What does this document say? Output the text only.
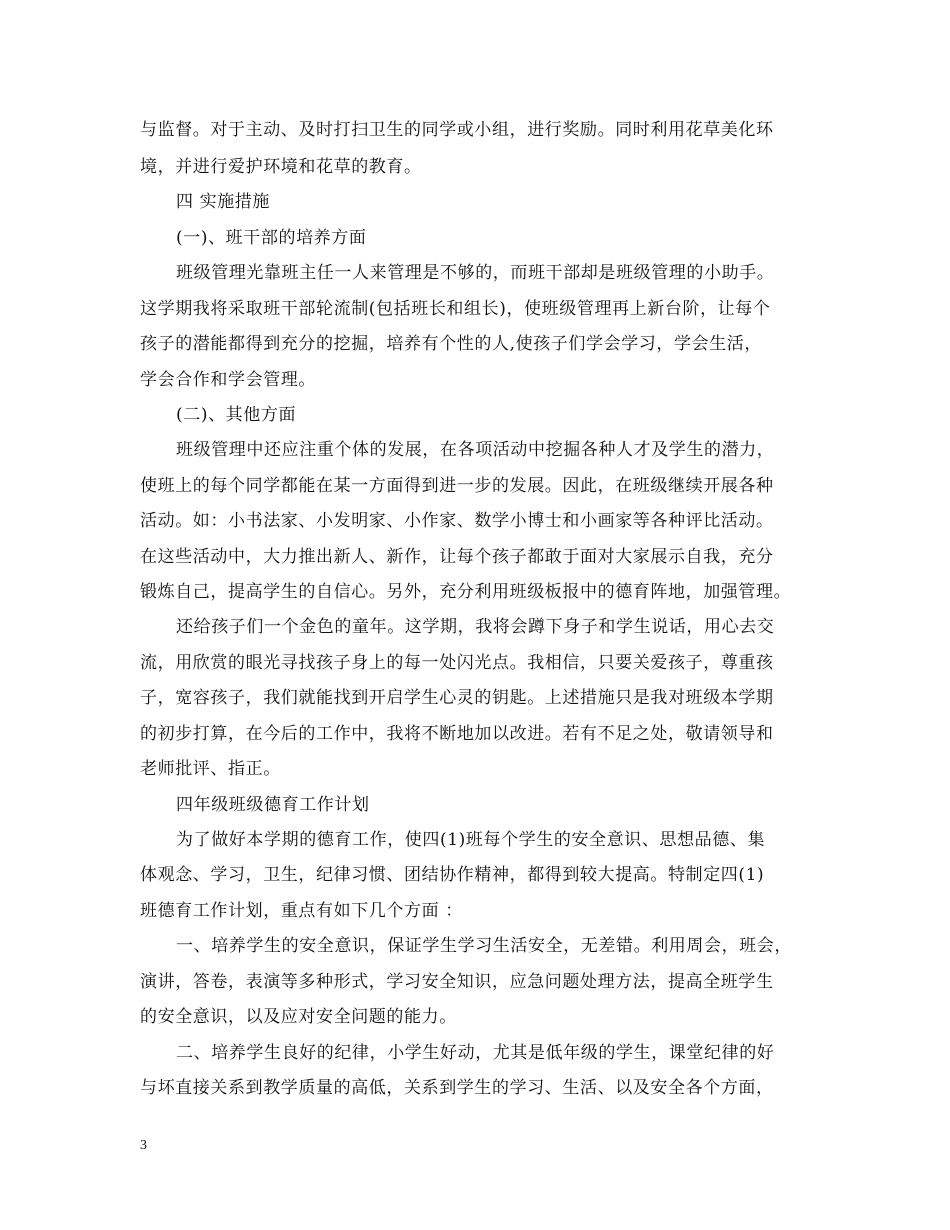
与监督。对于主动、及时打扫卫生的同学或小组，进行奖励。同时利用花草美化环
境，并进行爱护环境和花草的教育。
四 实施措施
(一)、班干部的培养方面
班级管理光靠班主任一人来管理是不够的，而班干部却是班级管理的小助手。
这学期我将采取班干部轮流制(包括班长和组长)，使班级管理再上新台阶，让每个
孩子的潜能都得到充分的挖掘，培养有个性的人,使孩子们学会学习，学会生活，
学会合作和学会管理。
(二)、其他方面
班级管理中还应注重个体的发展，在各项活动中挖掘各种人才及学生的潜力，
使班上的每个同学都能在某一方面得到进一步的发展。因此，在班级继续开展各种
活动。如：小书法家、小发明家、小作家、数学小博士和小画家等各种评比活动。
在这些活动中，大力推出新人、新作，让每个孩子都敢于面对大家展示自我，充分
锻炼自己，提高学生的自信心。另外，充分利用班级板报中的德育阵地，加强管理。
还给孩子们一个金色的童年。这学期，我将会蹲下身子和学生说话，用心去交
流，用欣赏的眼光寻找孩子身上的每一处闪光点。我相信，只要关爱孩子，尊重孩
子，宽容孩子，我们就能找到开启学生心灵的钥匙。上述措施只是我对班级本学期
的初步打算，在今后的工作中，我将不断地加以改进。若有不足之处，敬请领导和
老师批评、指正。
四年级班级德育工作计划
为了做好本学期的德育工作，使四(1)班每个学生的安全意识、思想品德、集
体观念、学习，卫生，纪律习惯、团结协作精神，都得到较大提高。特制定四(1)
班德育工作计划，重点有如下几个方面 ：
一、培养学生的安全意识，保证学生学习生活安全，无差错。利用周会，班会，
演讲，答卷，表演等多种形式，学习安全知识，应急问题处理方法，提高全班学生
的安全意识，以及应对安全问题的能力。
二、培养学生良好的纪律，小学生好动，尤其是低年级的学生，课堂纪律的好
与坏直接关系到教学质量的高低，关系到学生的学习、生活、以及安全各个方面，
3
